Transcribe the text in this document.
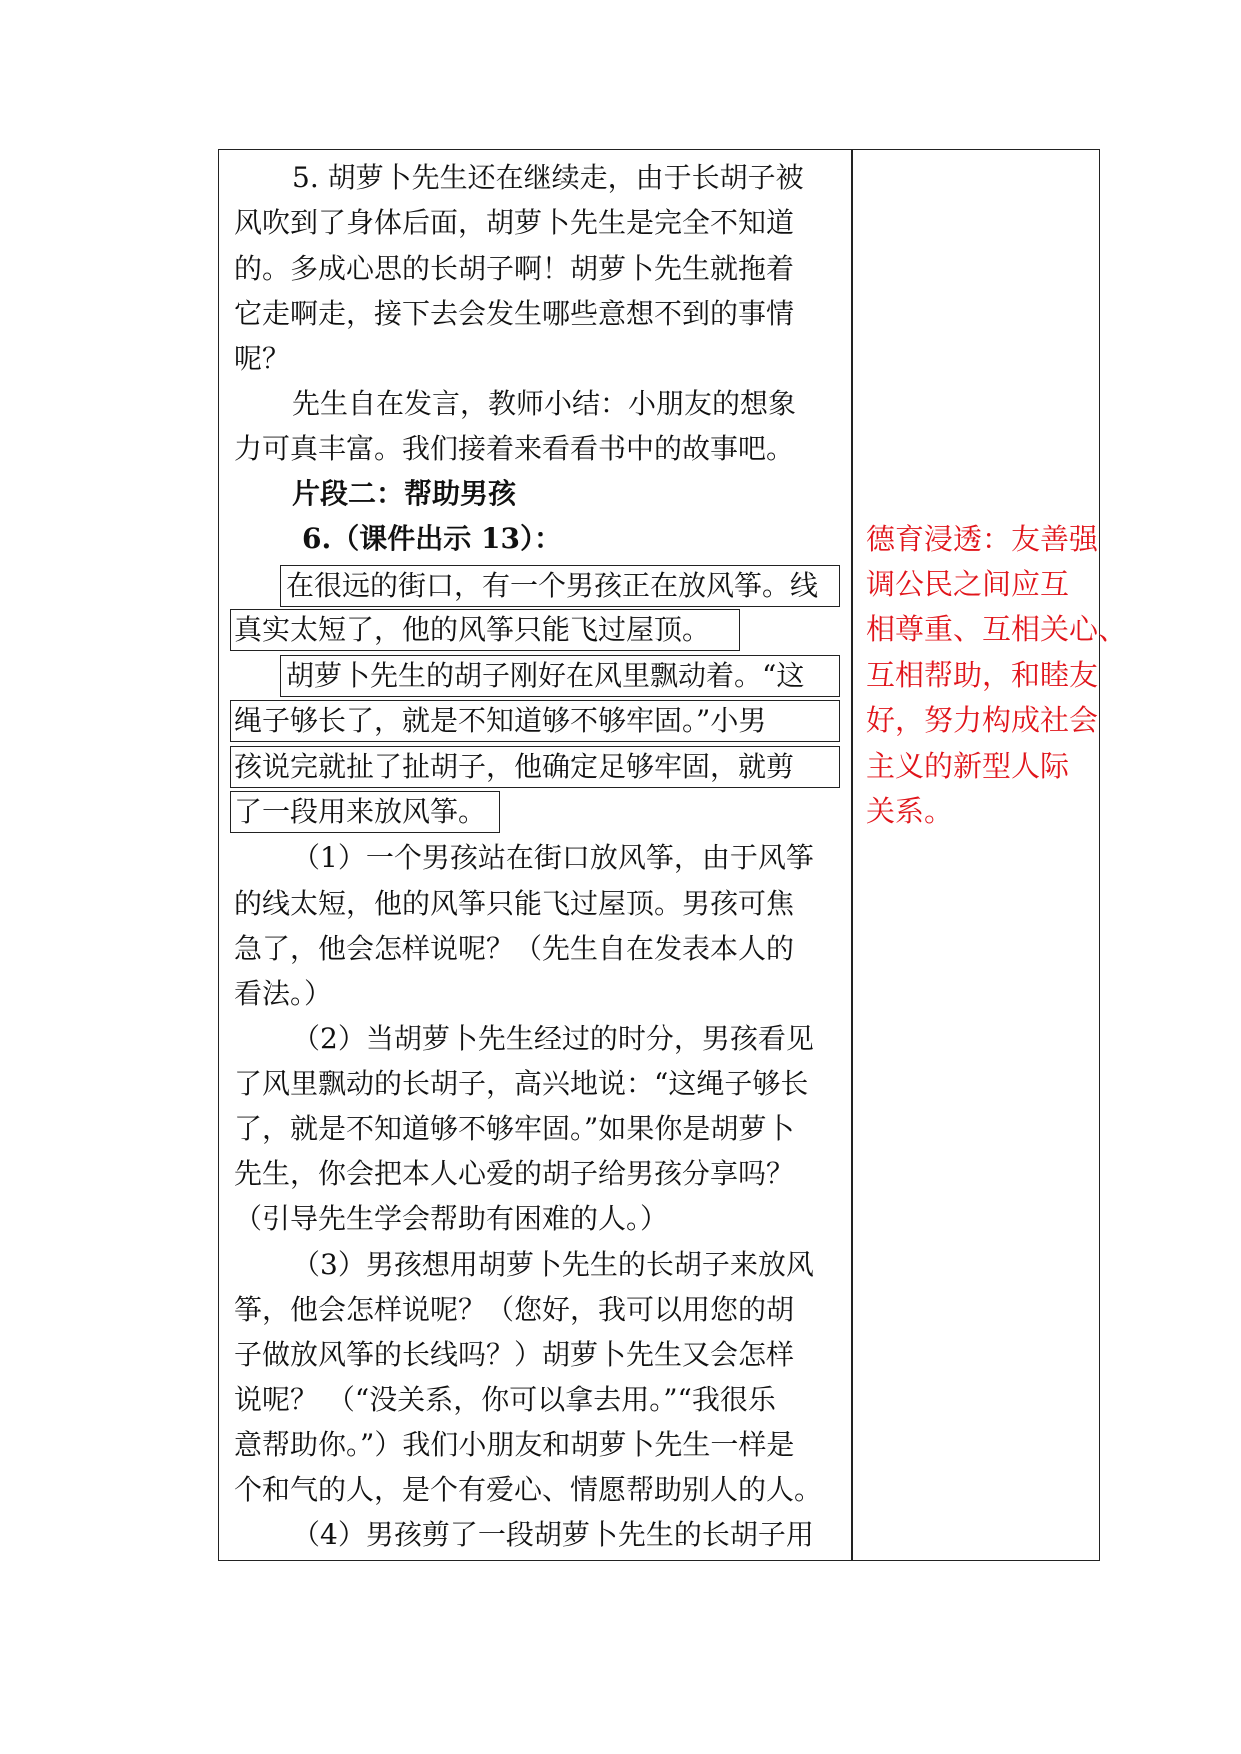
5. 胡萝卜先生还在继续走，由于长胡子被
风吹到了身体后面，胡萝卜先生是完全不知道
的。多成心思的长胡子啊！胡萝卜先生就拖着
它走啊走，接下去会发生哪些意想不到的事情
呢？
先生自在发言，教师小结：小朋友的想象
力可真丰富。我们接着来看看书中的故事吧。
片段二：帮助男孩
6.（课件出示 13）：
在很远的街口，有一个男孩正在放风筝。线
真实太短了，他的风筝只能飞过屋顶。
胡萝卜先生的胡子刚好在风里飘动着。“这
绳子够长了，就是不知道够不够牢固。”小男
孩说完就扯了扯胡子，他确定足够牢固，就剪
了一段用来放风筝。
（1）一个男孩站在街口放风筝，由于风筝
的线太短，他的风筝只能飞过屋顶。男孩可焦
急了，他会怎样说呢？（先生自在发表本人的
看法。）
（2）当胡萝卜先生经过的时分，男孩看见
了风里飘动的长胡子，高兴地说：“这绳子够长
了，就是不知道够不够牢固。”如果你是胡萝卜
先生，你会把本人心爱的胡子给男孩分享吗？
（引导先生学会帮助有困难的人。）
（3）男孩想用胡萝卜先生的长胡子来放风
筝，他会怎样说呢？（您好，我可以用您的胡
子做放风筝的长线吗？）胡萝卜先生又会怎样
说呢？ （“没关系，你可以拿去用。”“我很乐
意帮助你。”）我们小朋友和胡萝卜先生一样是
个和气的人，是个有爱心、情愿帮助别人的人。
（4）男孩剪了一段胡萝卜先生的长胡子用
德育浸透：友善强
调公民之间应互
相尊重、互相关心、
互相帮助，和睦友
好，努力构成社会
主义的新型人际
关系。
